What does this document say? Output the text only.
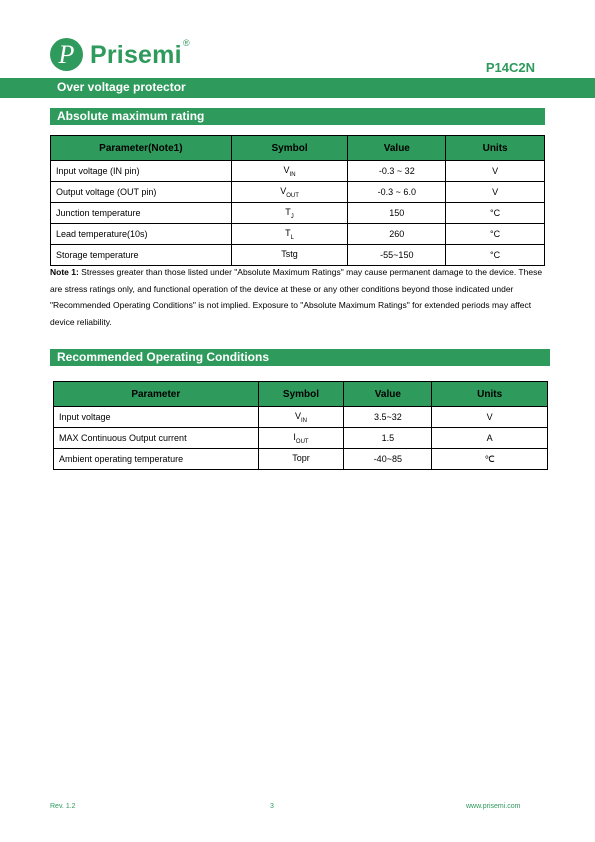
P Prisemi ®
P14C2N
Over voltage protector
Absolute maximum rating
Parameter(Note1)	Symbol	Value	Units
Input voltage (IN pin)	$V_{IN}$	-0.3 ~ 32	V
Output voltage (OUT pin)	$V_{OUT}$	-0.3 ~ 6.0	V
Junction temperature	$T_J$	150	°C
Lead temperature(10s)	$T_L$	260	°C
Storage temperature	Tstg	-55~150	°C
Note 1: Stresses greater than those listed under "Absolute Maximum Ratings" may cause permanent damage to the device. These are stress ratings only, and functional operation of the device at these or any other conditions beyond those indicated under "Recommended Operating Conditions" is not implied. Exposure to "Absolute Maximum Ratings" for extended periods may affect device reliability.
Recommended Operating Conditions
Parameter	Symbol	Value	Units
Input voltage	$V_{IN}$	3.5~32	V
MAX Continuous Output current	$I_{OUT}$	1.5	A
Ambient operating temperature	Topr	-40~85	℃
Rev. 1.2	3	www.prisemi.com
